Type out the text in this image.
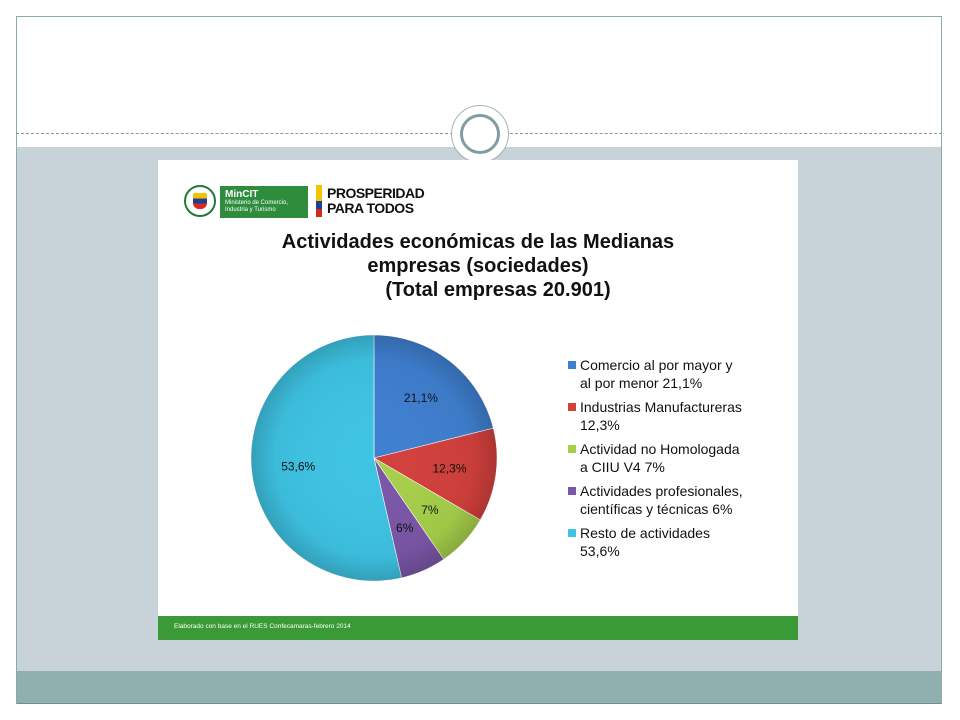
MinCIT
Ministerio de Comercio, Industria y Turismo
PROSPERIDAD
PARA TODOS
Actividades económicas de las Medianas
empresas (sociedades)
(Total empresas 20.901)
21,1%
12,3%
7%
6%
53,6%
Comercio al por mayor y
al por menor 21,1%
Industrias Manufactureras
12,3%
Actividad no Homologada
a CIIU V4 7%
Actividades profesionales,
científicas y técnicas 6%
Resto de actividades
53,6%
Elaborado con base en el RUES Confecamaras-febrero 2014
